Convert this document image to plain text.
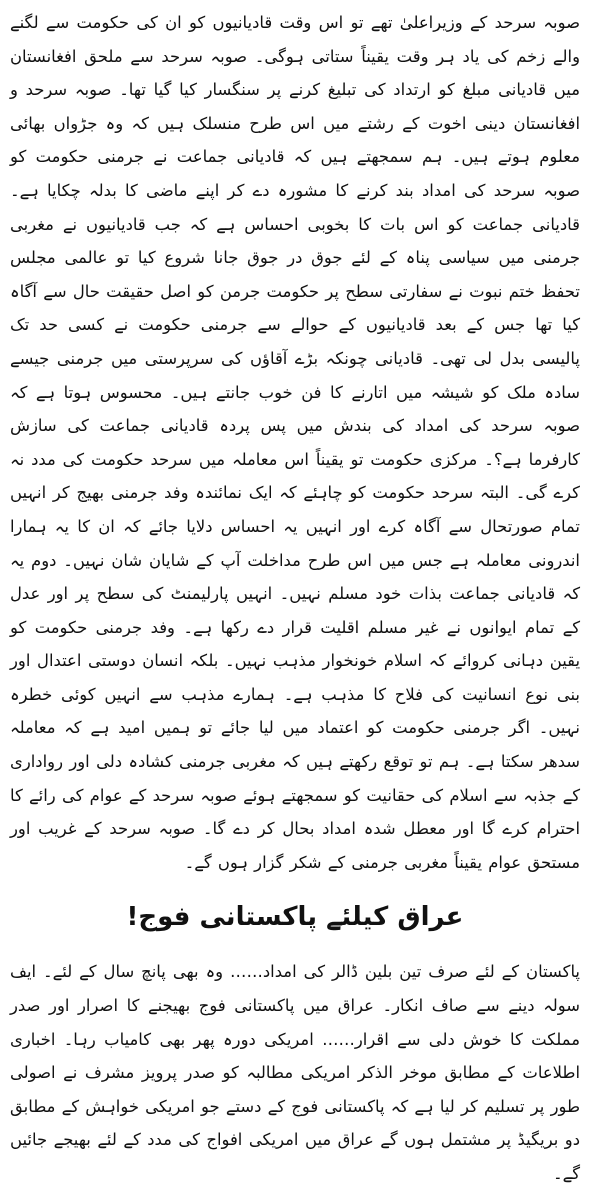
صوبہ سرحد کے وزیراعلیٰ تھے تو اس وقت قادیانیوں کو ان کی حکومت سے لگنے والے زخم کی یاد ہر وقت یقیناً ستاتی ہوگی۔ صوبہ سرحد سے ملحق افغانستان میں قادیانی مبلغ کو ارتداد کی تبلیغ کرنے پر سنگسار کیا گیا تھا۔ صوبہ سرحد و افغانستان دینی اخوت کے رشتے میں اس طرح منسلک ہیں کہ وہ جڑواں بھائی معلوم ہوتے ہیں۔ ہم سمجھتے ہیں کہ قادیانی جماعت نے جرمنی حکومت کو صوبہ سرحد کی امداد بند کرنے کا مشورہ دے کر اپنے ماضی کا بدلہ چکایا ہے۔ قادیانی جماعت کو اس بات کا بخوبی احساس ہے کہ جب قادیانیوں نے مغربی جرمنی میں سیاسی پناہ کے لئے جوق در جوق جانا شروع کیا تو عالمی مجلس تحفظ ختم نبوت نے سفارتی سطح پر حکومت جرمن کو اصل حقیقت حال سے آگاہ کیا تھا جس کے بعد قادیانیوں کے حوالے سے جرمنی حکومت نے کسی حد تک پالیسی بدل لی تھی۔ قادیانی چونکہ بڑے آقاؤں کی سرپرستی میں جرمنی جیسے سادہ ملک کو شیشہ میں اتارنے کا فن خوب جانتے ہیں۔ محسوس ہوتا ہے کہ صوبہ سرحد کی امداد کی بندش میں پس پردہ قادیانی جماعت کی سازش کارفرما ہے؟۔ مرکزی حکومت تو یقیناً اس معاملہ میں سرحد حکومت کی مدد نہ کرے گی۔ البتہ سرحد حکومت کو چاہئے کہ ایک نمائندہ وفد جرمنی بھیج کر انہیں تمام صورتحال سے آگاہ کرے اور انہیں یہ احساس دلایا جائے کہ ان کا یہ ہمارا اندرونی معاملہ ہے جس میں اس طرح مداخلت آپ کے شایان شان نہیں۔ دوم یہ کہ قادیانی جماعت بذات خود مسلم نہیں۔ انہیں پارلیمنٹ کی سطح پر اور عدل کے تمام ایوانوں نے غیر مسلم اقلیت قرار دے رکھا ہے۔ وفد جرمنی حکومت کو یقین دہانی کروائے کہ اسلام خونخوار مذہب نہیں۔ بلکہ انسان دوستی اعتدال اور بنی نوع انسانیت کی فلاح کا مذہب ہے۔ ہمارے مذہب سے انہیں کوئی خطرہ نہیں۔ اگر جرمنی حکومت کو اعتماد میں لیا جائے تو ہمیں امید ہے کہ معاملہ سدھر سکتا ہے۔ ہم تو توقع رکھتے ہیں کہ مغربی جرمنی کشادہ دلی اور رواداری کے جذبہ سے اسلام کی حقانیت کو سمجھتے ہوئے صوبہ سرحد کے عوام کی رائے کا احترام کرے گا اور معطل شدہ امداد بحال کر دے گا۔ صوبہ سرحد کے غریب اور مستحق عوام یقیناً مغربی جرمنی کے شکر گزار ہوں گے۔

عراق کیلئے پاکستانی فوج!

پاکستان کے لئے صرف تین بلین ڈالر کی امداد…… وہ بھی پانچ سال کے لئے۔ ایف سولہ دینے سے صاف انکار۔ عراق میں پاکستانی فوج بھیجنے کا اصرار اور صدر مملکت کا خوش دلی سے اقرار…… امریکی دورہ پھر بھی کامیاب رہا۔ اخباری اطلاعات کے مطابق موخر الذکر امریکی مطالبہ کو صدر پرویز مشرف نے اصولی طور پر تسلیم کر لیا ہے کہ پاکستانی فوج کے دستے جو امریکی خواہش کے مطابق دو بریگیڈ پر مشتمل ہوں گے عراق میں امریکی افواج کی مدد کے لئے بھیجے جائیں گے۔
